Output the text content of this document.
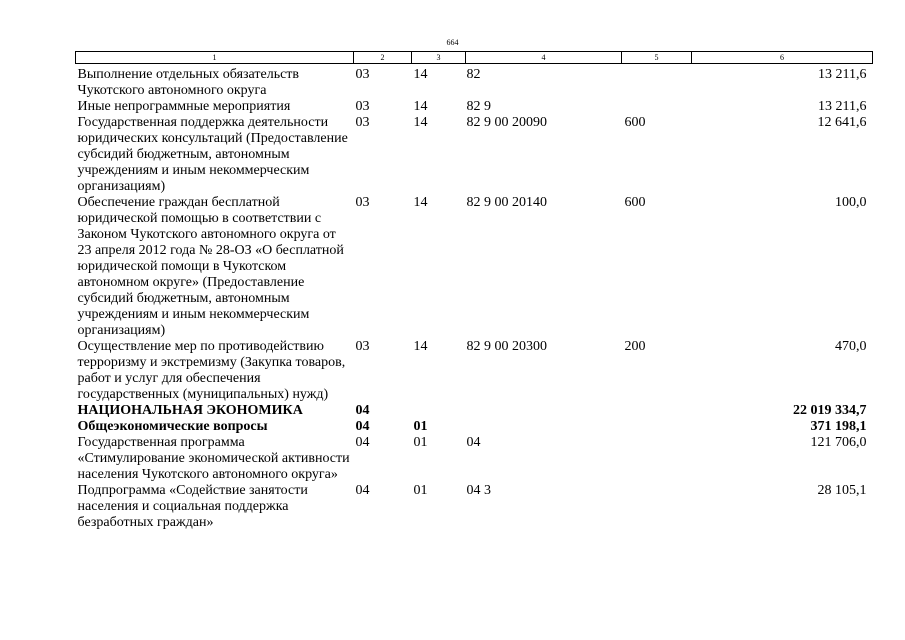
664
1	2	3	4	5	6
Выполнение отдельных обязательств Чукотского автономного округа	03	14	82		13 211,6
Иные непрограммные мероприятия	03	14	82 9		13 211,6
Государственная поддержка деятельности юридических консультаций (Предоставление субсидий бюджетным, автономным учреждениям и иным некоммерческим организациям)	03	14	82 9 00 20090	600	12 641,6
Обеспечение граждан бесплатной юридической помощью в соответствии с Законом Чукотского автономного округа от 23 апреля 2012 года № 28-ОЗ «О бесплатной юридической помощи в Чукотском автономном округе» (Предоставление субсидий бюджетным, автономным учреждениям и иным некоммерческим организациям)	03	14	82 9 00 20140	600	100,0
Осуществление мер по противодействию терроризму и экстремизму (Закупка товаров, работ и услуг для обеспечения государственных (муниципальных) нужд)	03	14	82 9 00 20300	200	470,0
НАЦИОНАЛЬНАЯ ЭКОНОМИКА	04				22 019 334,7
Общеэкономические вопросы	04	01			371 198,1
Государственная программа «Стимулирование экономической активности населения Чукотского автономного округа»	04	01	04		121 706,0
Подпрограмма «Содействие занятости населения и социальная поддержка безработных граждан»	04	01	04 3		28 105,1
